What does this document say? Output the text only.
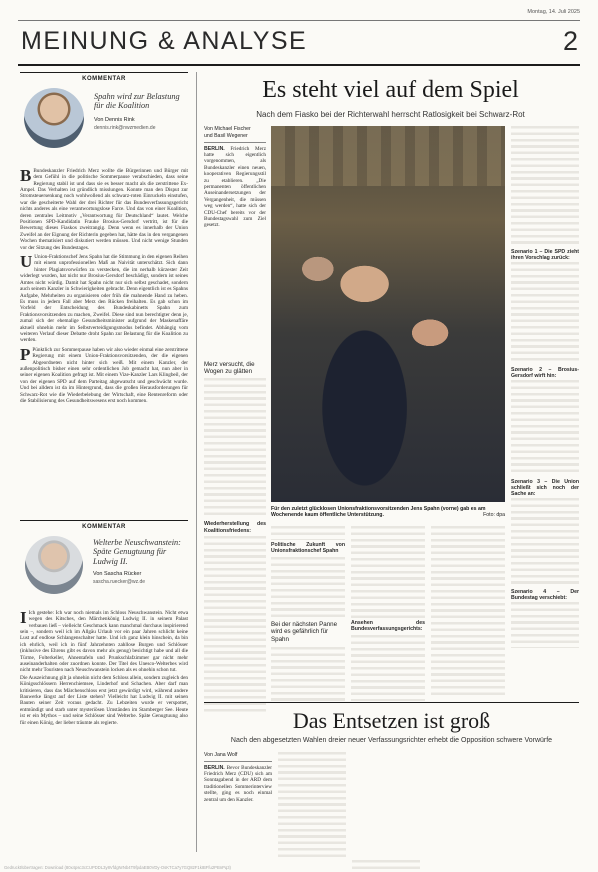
Montag, 14. Juli 2025
MEINUNG & ANALYSE	2
KOMMENTAR
Spahn wird zur Belastung für die Koalition
Von Dennis Rink
dennis.rink@nwzmedien.de

B Bundeskanzler Friedrich Merz wollte die Bürgerinnen und Bürger mit dem Gefühl in die politische Sommerpause verabschieden, dass seine Regierung stabil ist und dass sie es besser macht als die zerstrittene Ex-Ampel. Das Verhalten ist gründlich misslungen. Konnte man den Disput zur Stromsteuersenkung noch wohlwollend als schwarz-roten Einruckeln einstufen, war die gescheiterte Wahl der drei Richter für das Bundesverfassungsgericht nichts anderes als eine verantwortungslose Farce. Und das von einer Koalition, deren zentrales Leitmotiv „Verantwortung für Deutschland“ lautet. Welche Positionen SPD-Kandidatin Frauke Brosius-Gersdorf vertritt, ist für die Bewertung dieses Fiaskos zweitrangig. Denn wenn es innerhalb der Union Zweifel an der Eignung der Richterin gegeben hat, hätte das in den vergangenen Wochen thematisiert und diskutiert werden müssen. Und nicht wenige Stunden vor der Sitzung des Bundestages.

U Union-Fraktionschef Jens Spahn hat die Stimmung in den eigenen Reihen mit einem unprofessionellen Maß an Naivität unterschätzt. Sich dann hinter Plagiatsvorwürfen zu verstecken, die im nerhalb kürzester Zeit widerlegt wurden, hat nicht nur Brosius-Gersdorf beschädigt, sondern ist seines Amtes nicht würdig. Damit hat Spahn nicht nur sich selbst geschadet, sondern auch seinem Kanzler in Schwierigkeiten gebracht. Denn eigentlich ist es Spahns Aufgabe, Mehrheiten zu organisieren oder früh die mahnende Hand zu heben. Es muss in jedem Fall aber Merz den Rücken freihalten. Es gab schon im Vorfeld der Entscheidung des Bundeskabinetts Spahn zum Fraktionsvorsitzenden zu machen, Zweifel. Diese sind nun berechtigter denn je, zumal sich der ehemalige Gesundheitsminister aufgrund der Maskenaffäre aktuell ohnehin mehr im Selbstverteidigungsmodus befindet. Abhängig vom weiteren Verlauf dieser Debatte droht Spahn zur Belastung für die Koalition zu werden.

P Pünktlich zur Sommerpause haben wir also wieder einmal eine zerstrittene Regierung mit einem Union-Fraktionsvorsitzenden, der die eigenen Abgeordneten nicht hinter sich weiß. Mit einem Kanzler, der außenpolitisch bisher einen sehr ordentlichen Job gemacht hat, nun aber in seiner eigenen Koalition gefragt ist. Mit einem Vize-Kanzler Lars Klingbeil, der von der eigenen SPD auf dem Parteitag abgewatscht und geschwächt wurde. Und bei alldem ist da im Hintergrund, dass die großen Herausforderungen für Schwarz-Rot wie die Wiederbelebung der Wirtschaft, eine Rentenreform oder die Stabilisierung des Gesundheitswesens erst noch kommen.

KOMMENTAR
Welterbe Neuschwanstein: Späte Genugtuung für Ludwig II.
Von Sascha Rücker
sascha.ruecker@wz.de

I Ich gestehe: Ich war noch niemals im Schloss Neuschwanstein. Nicht etwa wegen des Kitsches, den Märchenkönig Ludwig II. in seinem Palast verbauen ließ – vielleicht Geschmack kann manchmal durchaus inspirierend sein –, sondern weil ich im Allgäu Urlaub vor ein paar Jahren schlicht keine Lust auf endlose Schlangenschalter hatte. Und ich ganz klein hinschein, da bin ich ehrlich, weil ich in fünf Jahrzehnten zahllose Burgen und Schlösser (inklusive des Ehrens gibt es davon mehr als genug) besichtigt habe und all die Türme, Folterkeller, Ahnentafeln und Prunkschlafzimmer gar nicht mehr auseinanderhalten oder zuordnen konnte. Der Titel des Unesco-Welterbes wird nicht mehr Touristen nach Neuschwanstein locken als es ohnehin schon tut.

Die Auszeichnung gilt ja ohnehin nicht dem Schloss allein, sondern zugleich den Königsschlössern Herrenchiemsee, Linderhof und Schachen. Aber darf man kritisieren, dass das Märchenschloss erst jetzt gewürdigt wird, während andere Bauwerke längst auf der Liste stehen? Vielleicht hat Ludwig II. mit seinen Bauten seiner Zeit voraus gedacht. Zu Lebzeiten wurde er verspottet, entmündigt und starb unter mysteriösen Umständen im Starnberger See. Heute ist er ein Mythos – und seine Schlösser sind Welterbe. Späte Genugtuung also für einen König, der lieber träumte als regierte.

Es steht viel auf dem Spiel
Nach dem Fiasko bei der Richterwahl herrscht Ratlosigkeit bei Schwarz-Rot
Von Michael Fischer
und Basil Wegener
BERLIN. Friedrich Merz hatte sich eigentlich vorgenommen, als Bundeskanzler einen neuen, kooperativen Regierungsstil zu etablieren. „Die permanenten öffentlichen Auseinandersetzungen der Vergangenheit, die müssen weg werden“, hatte sich der CDU-Chef bereits vor der Bundestagswahl zum Ziel gesetzt.
Merz versucht, die Wogen zu glätten
Wiederherstellung des Koalitionsfriedens:
Für den zuletzt glücklosen Unionsfraktionsvorsitzenden Jens Spahn (vorne) gab es am Wochenende kaum öffentliche Unterstützung.	Foto: dpa
Politische Zukunft von Unionsfraktionschef Spahn
Bei der nächsten Panne wird es gefährlich für Spahn
Ansehen des Bundesverfassungsgerichts:
Szenario 1 – Die SPD zieht ihren Vorschlag zurück:
Szenario 2 – Brosius-Gersdorf wirft hin:
Szenario 3 – Die Union schließt sich noch der Sache an:
Szenario 4 – Der Bundestag verschiebt:
Das Entsetzen ist groß
Nach den abgesetzten Wahlen dreier neuer Verfassungsrichter erhebt die Opposition schwere Vorwürfe
Von Jana Wolf
BERLIN. Bevor Bundeskanzler Friedrich Merz (CDU) sich am Sonntagabend in der ARD dem traditionellen Sommerinterview stellte, ging es noch einmal zentral um den Kanzler.
Gedruckt/übertragen: Download (80x4psc3cCUPDDL3y8VfdgNrNb4T9fpdaEB0VDy-OsKTCa7y7GQ82F1kIBFfu2PBnPq3)
